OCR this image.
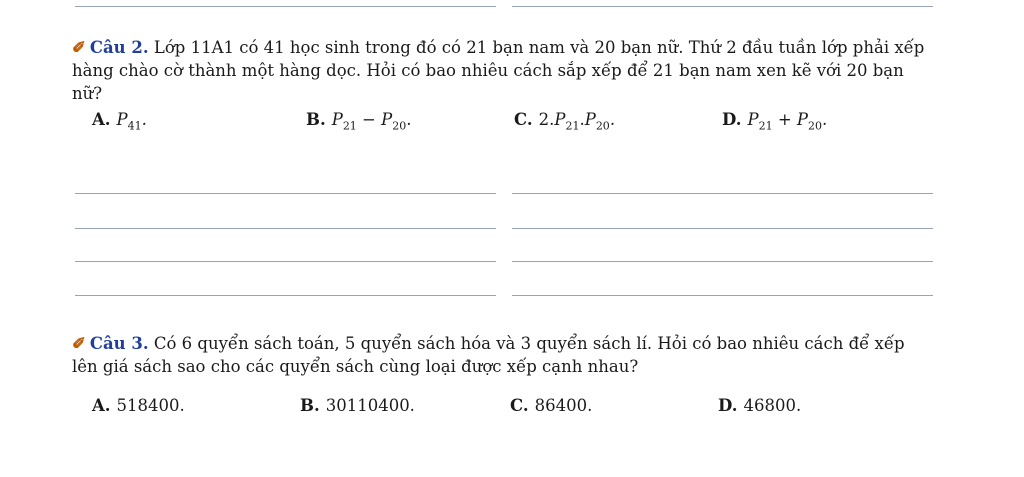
✐ Câu 2. Lớp 11A1 có 41 học sinh trong đó có 21 bạn nam và 20 bạn nữ. Thứ 2 đầu tuần lớp phải xếp hàng chào cờ thành một hàng dọc. Hỏi có bao nhiêu cách sắp xếp để 21 bạn nam xen kẽ với 20 bạn nữ?
A. $P_{41}$.	B. $P_{21} - P_{20}$.	C. $2.P_{21}.P_{20}$.	D. $P_{21} + P_{20}$.
✐ Câu 3. Có 6 quyển sách toán, 5 quyển sách hóa và 3 quyển sách lí. Hỏi có bao nhiêu cách để xếp lên giá sách sao cho các quyển sách cùng loại được xếp cạnh nhau?
A. 518400.	B. 30110400.	C. 86400.	D. 46800.
